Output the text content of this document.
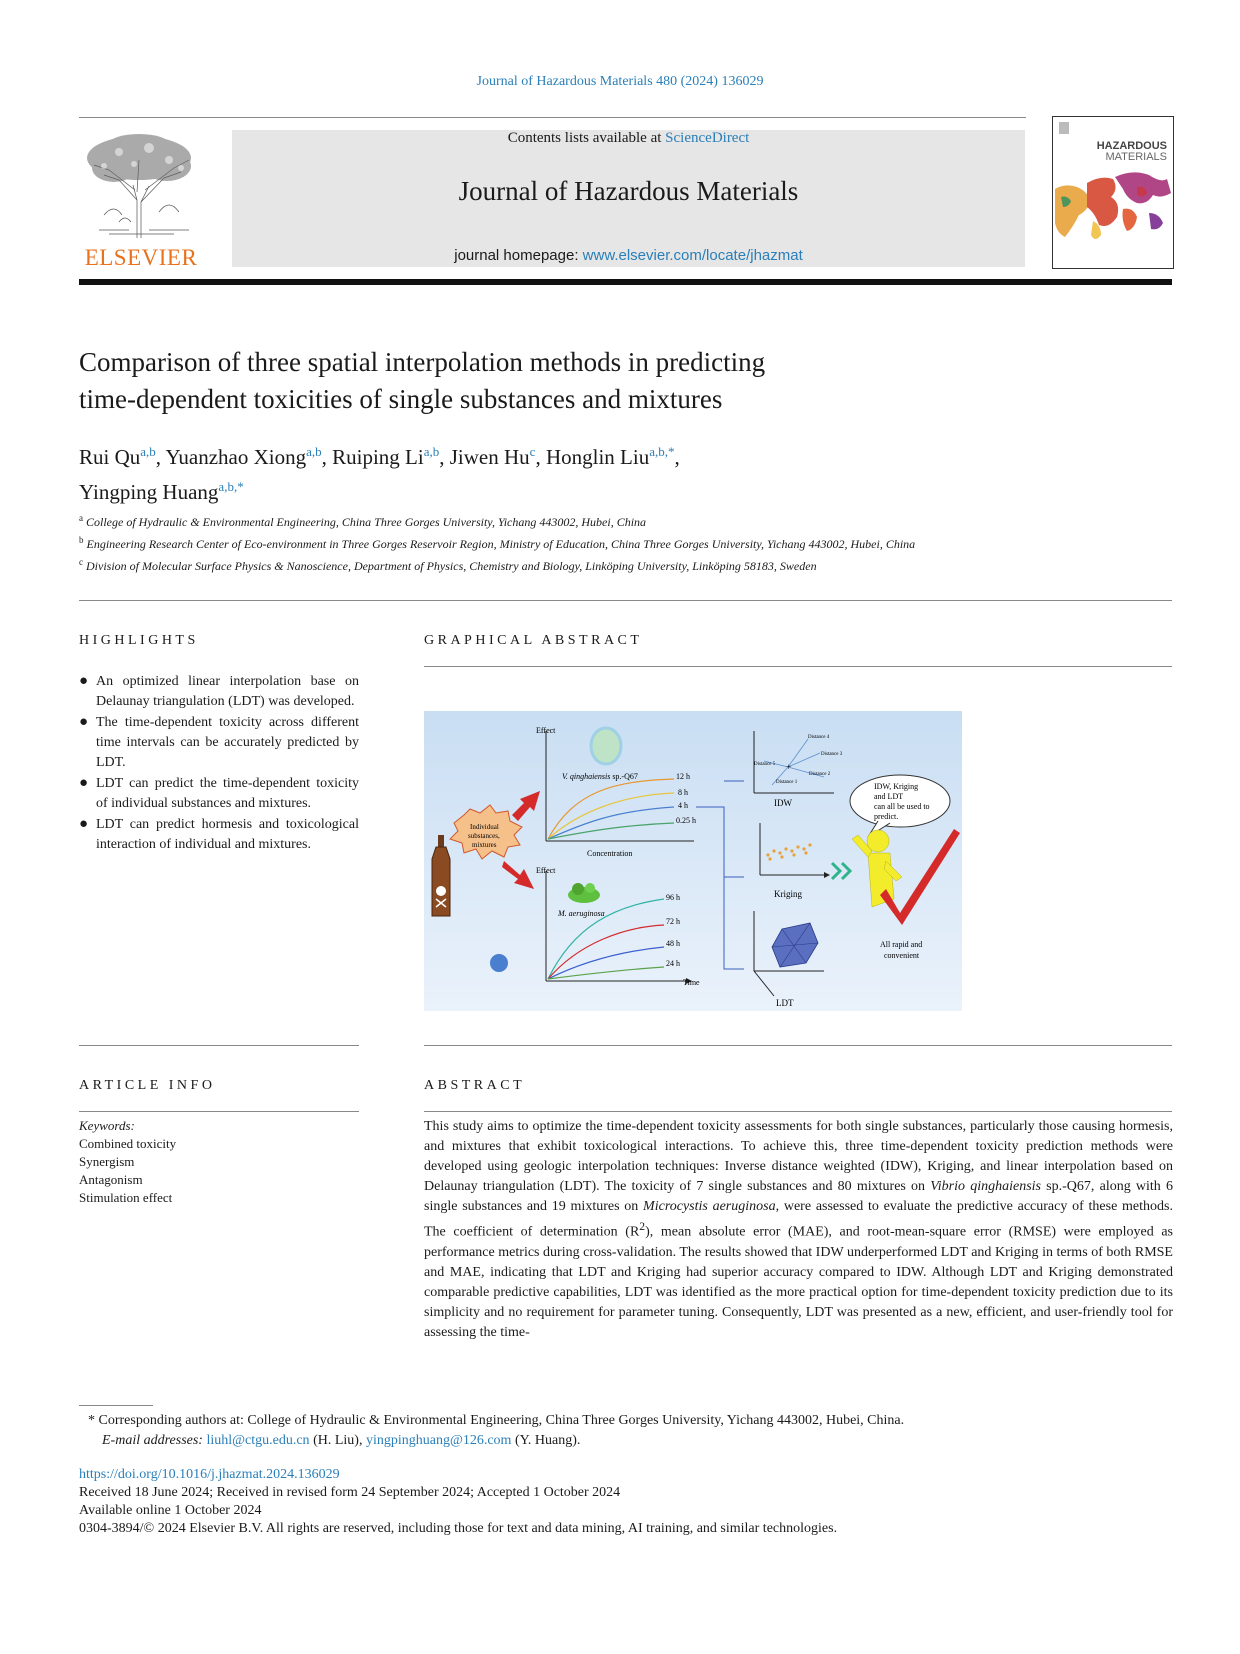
Journal of Hazardous Materials 480 (2024) 136029
ELSEVIER
Contents lists available at ScienceDirect
Journal of Hazardous Materials
journal homepage: www.elsevier.com/locate/jhazmat
HAZARDOUS
MATERIALS
Comparison of three spatial interpolation methods in predicting
time-dependent toxicities of single substances and mixtures
Rui Qu$^{a,b}$, Yuanzhao Xiong$^{a,b}$, Ruiping Li$^{a,b}$, Jiwen Hu$^c$, Honglin Liu$^{a,b,*}$,
Yingping Huang$^{a,b,*}$
$^a$ College of Hydraulic & Environmental Engineering, China Three Gorges University, Yichang 443002, Hubei, China
$^b$ Engineering Research Center of Eco-environment in Three Gorges Reservoir Region, Ministry of Education, China Three Gorges University, Yichang 443002, Hubei, China
$^c$ Division of Molecular Surface Physics & Nanoscience, Department of Physics, Chemistry and Biology, Linköping University, Linköping 58183, Sweden
HIGHLIGHTS
● An optimized linear interpolation base on Delaunay triangulation (LDT) was developed.
● The time-dependent toxicity across different time intervals can be accurately predicted by LDT.
● LDT can predict the time-dependent toxicity of individual substances and mixtures.
● LDT can predict hormesis and toxicological interaction of individual and mixtures.
GRAPHICAL ABSTRACT
Effect
V. qinghaiensis sp.-Q67	12 h
8 h
4 h
0.25 h
Concentration
Effect
M. aeruginosa
96 h
72 h
48 h
24 h
Time
Individual
substances,
mixtures
+
Distance 4
Distance 3
Distance 2
Distance 1
Distance 5
IDW
Kriging
LDT
IDW, Kriging
and LDT
can all be used to
predict.
All rapid and
convenient
ARTICLE INFO
Keywords:
Combined toxicity
Synergism
Antagonism
Stimulation effect
ABSTRACT
This study aims to optimize the time-dependent toxicity assessments for both single substances, particularly those causing hormesis, and mixtures that exhibit toxicological interactions. To achieve this, three time-dependent toxicity prediction methods were developed using geologic interpolation techniques: Inverse distance weighted (IDW), Kriging, and linear interpolation based on Delaunay triangulation (LDT). The toxicity of 7 single substances and 80 mixtures on Vibrio qinghaiensis sp.-Q67, along with 6 single substances and 19 mixtures on Microcystis aeruginosa, were assessed to evaluate the predictive accuracy of these methods. The coefficient of determination $(R^2)$, mean absolute error (MAE), and root-mean-square error (RMSE) were employed as performance metrics during cross-validation. The results showed that IDW underperformed LDT and Kriging in terms of both RMSE and MAE, indicating that LDT and Kriging had superior accuracy compared to IDW. Although LDT and Kriging demonstrated comparable predictive capabilities, LDT was identified as the more practical option for time-dependent toxicity prediction due to its simplicity and no requirement for parameter tuning. Consequently, LDT was presented as a new, efficient, and user-friendly tool for assessing the time-
* Corresponding authors at: College of Hydraulic & Environmental Engineering, China Three Gorges University, Yichang 443002, Hubei, China.
E-mail addresses: liuhl@ctgu.edu.cn (H. Liu), yingpinghuang@126.com (Y. Huang).
https://doi.org/10.1016/j.jhazmat.2024.136029
Received 18 June 2024; Received in revised form 24 September 2024; Accepted 1 October 2024
Available online 1 October 2024
0304-3894/© 2024 Elsevier B.V. All rights are reserved, including those for text and data mining, AI training, and similar technologies.
